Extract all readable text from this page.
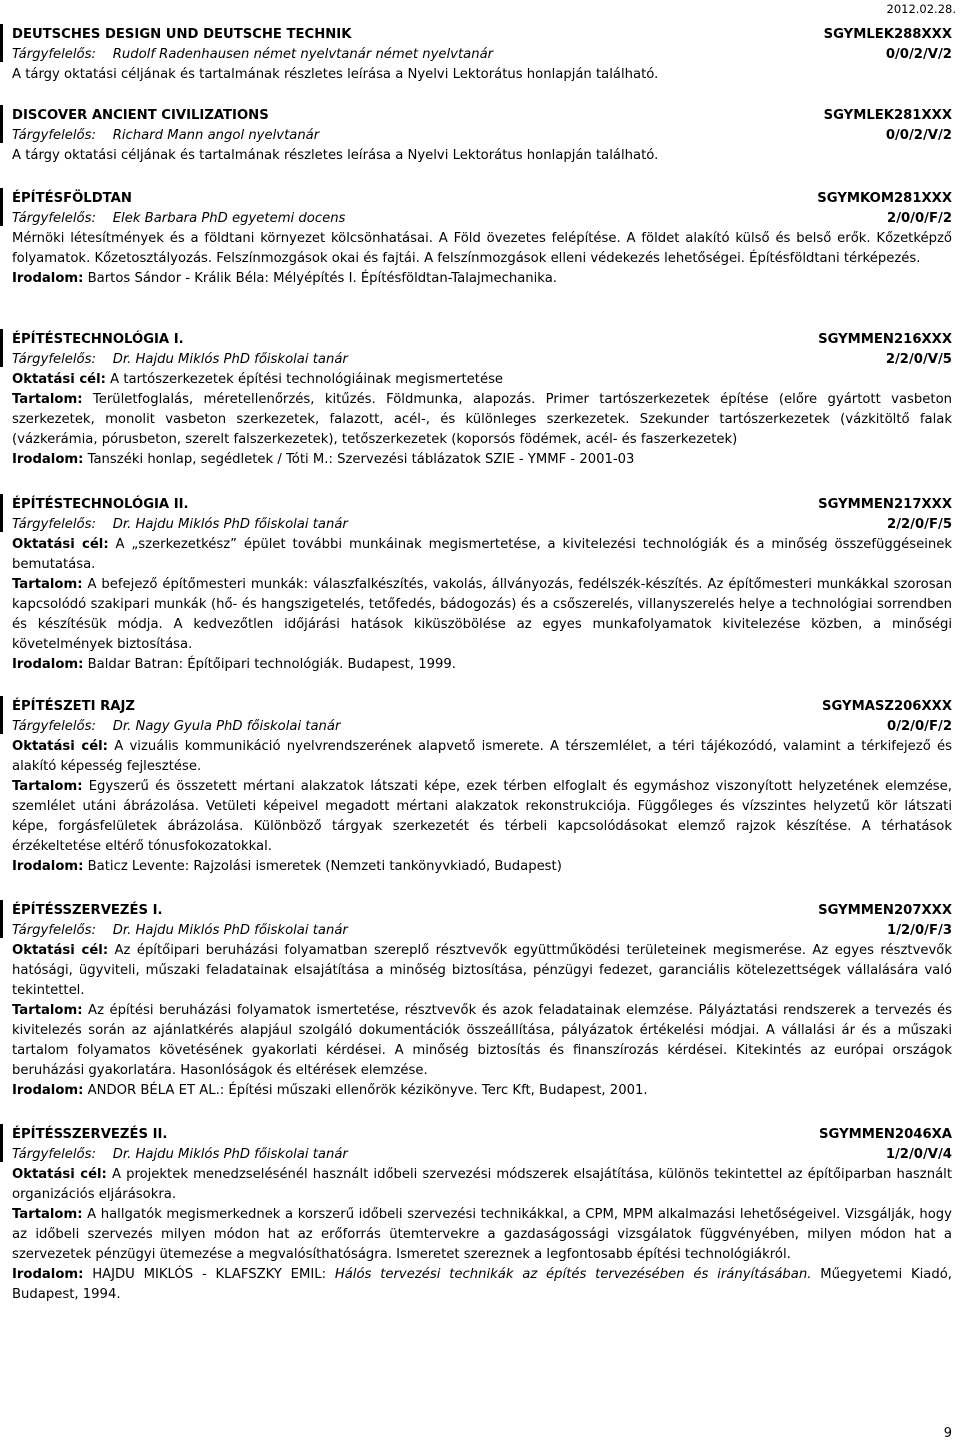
2012.02.28.
DEUTSCHES DESIGN UND DEUTSCHE TECHNIK	SGYMLEK288XXX
Tárgyfelelős: Rudolf Radenhausen német nyelvtanár német nyelvtanár	0/0/2/V/2
A tárgy oktatási céljának és tartalmának részletes leírása a Nyelvi Lektorátus honlapján található.
DISCOVER ANCIENT CIVILIZATIONS	SGYMLEK281XXX
Tárgyfelelős: Richard Mann angol nyelvtanár	0/0/2/V/2
A tárgy oktatási céljának és tartalmának részletes leírása a Nyelvi Lektorátus honlapján található.
ÉPÍTÉSFÖLDTAN	SGYMKOM281XXX
Tárgyfelelős: Elek Barbara PhD egyetemi docens	2/0/0/F/2
Mérnöki létesítmények és a földtani környezet kölcsönhatásai. A Föld övezetes felépítése. A földet alakító külső és belső erők. Kőzetképző folyamatok. Kőzetosztályozás. Felszínmozgások okai és fajtái. A felszínmozgások elleni védekezés lehetőségei. Építésföldtani térképezés.
Irodalom: Bartos Sándor - Králik Béla: Mélyépítés I. Építésföldtan-Talajmechanika.
ÉPÍTÉSTECHNOLÓGIA I.	SGYMMEN216XXX
Tárgyfelelős: Dr. Hajdu Miklós PhD főiskolai tanár	2/2/0/V/5
Oktatási cél: A tartószerkezetek építési technológiáinak megismertetése
Tartalom: Területfoglalás, méretellenőrzés, kitűzés. Földmunka, alapozás. Primer tartószerkezetek építése (előre gyártott vasbeton szerkezetek, monolit vasbeton szerkezetek, falazott, acél-, és különleges szerkezetek. Szekunder tartószerkezetek (vázkitöltő falak (vázkerámia, pórusbeton, szerelt falszerkezetek), tetőszerkezetek (koporsós födémek, acél- és faszerkezetek)
Irodalom: Tanszéki honlap, segédletek / Tóti M.: Szervezési táblázatok SZIE - YMMF - 2001-03
ÉPÍTÉSTECHNOLÓGIA II.	SGYMMEN217XXX
Tárgyfelelős: Dr. Hajdu Miklós PhD főiskolai tanár	2/2/0/F/5
Oktatási cél: A „szerkezetkész” épület további munkáinak megismertetése, a kivitelezési technológiák és a minőség összefüggéseinek bemutatása.
Tartalom: A befejező építőmesteri munkák: válaszfalkészítés, vakolás, állványozás, fedélszék-készítés. Az építőmesteri munkákkal szorosan kapcsolódó szakipari munkák (hő- és hangszigetelés, tetőfedés, bádogozás) és a csőszerelés, villanyszerelés helye a technológiai sorrendben és készítésük módja. A kedvezőtlen időjárási hatások kiküszöbölése az egyes munkafolyamatok kivitelezése közben, a minőségi követelmények biztosítása.
Irodalom: Baldar Batran: Építőipari technológiák. Budapest, 1999.
ÉPÍTÉSZETI RAJZ	SGYMASZ206XXX
Tárgyfelelős: Dr. Nagy Gyula PhD főiskolai tanár	0/2/0/F/2
Oktatási cél: A vizuális kommunikáció nyelvrendszerének alapvető ismerete. A térszemlélet, a téri tájékozódó, valamint a térkifejező és alakító képesség fejlesztése.
Tartalom: Egyszerű és összetett mértani alakzatok látszati képe, ezek térben elfoglalt és egymáshoz viszonyított helyzetének elemzése, szemlélet utáni ábrázolása. Vetületi képeivel megadott mértani alakzatok rekonstrukciója. Függőleges és vízszintes helyzetű kör látszati képe, forgásfelületek ábrázolása. Különböző tárgyak szerkezetét és térbeli kapcsolódásokat elemző rajzok készítése. A térhatások érzékeltetése eltérő tónusfokozatokkal.
Irodalom: Baticz Levente: Rajzolási ismeretek (Nemzeti tankönyvkiadó, Budapest)
ÉPÍTÉSSZERVEZÉS I.	SGYMMEN207XXX
Tárgyfelelős: Dr. Hajdu Miklós PhD főiskolai tanár	1/2/0/F/3
Oktatási cél: Az építőipari beruházási folyamatban szereplő résztvevők együttműködési területeinek megismerése. Az egyes résztvevők hatósági, ügyviteli, műszaki feladatainak elsajátítása a minőség biztosítása, pénzügyi fedezet, garanciális kötelezettségek vállalására való tekintettel.
Tartalom: Az építési beruházási folyamatok ismertetése, résztvevők és azok feladatainak elemzése. Pályáztatási rendszerek a tervezés és kivitelezés során az ajánlatkérés alapjául szolgáló dokumentációk összeállítása, pályázatok értékelési módjai. A vállalási ár és a műszaki tartalom folyamatos követésének gyakorlati kérdései. A minőség biztosítás és finanszírozás kérdései. Kitekintés az európai országok beruházási gyakorlatára. Hasonlóságok és eltérések elemzése.
Irodalom: ANDOR BÉLA ET AL.: Építési műszaki ellenőrök kézikönyve. Terc Kft, Budapest, 2001.
ÉPÍTÉSSZERVEZÉS II.	SGYMMEN2046XA
Tárgyfelelős: Dr. Hajdu Miklós PhD főiskolai tanár	1/2/0/V/4
Oktatási cél: A projektek menedzselésénél használt időbeli szervezési módszerek elsajátítása, különös tekintettel az építőiparban használt organizációs eljárásokra.
Tartalom: A hallgatók megismerkednek a korszerű időbeli szervezési technikákkal, a CPM, MPM alkalmazási lehetőségeivel. Vizsgálják, hogy az időbeli szervezés milyen módon hat az erőforrás ütemtervekre a gazdaságossági vizsgálatok függvényében, milyen módon hat a szervezetek pénzügyi ütemezése a megvalósíthatóságra. Ismeretet szereznek a legfontosabb építési technológiákról.
Irodalom: HAJDU MIKLÓS - KLAFSZKY EMIL: Hálós tervezési technikák az építés tervezésében és irányításában. Műegyetemi Kiadó, Budapest, 1994.
9
